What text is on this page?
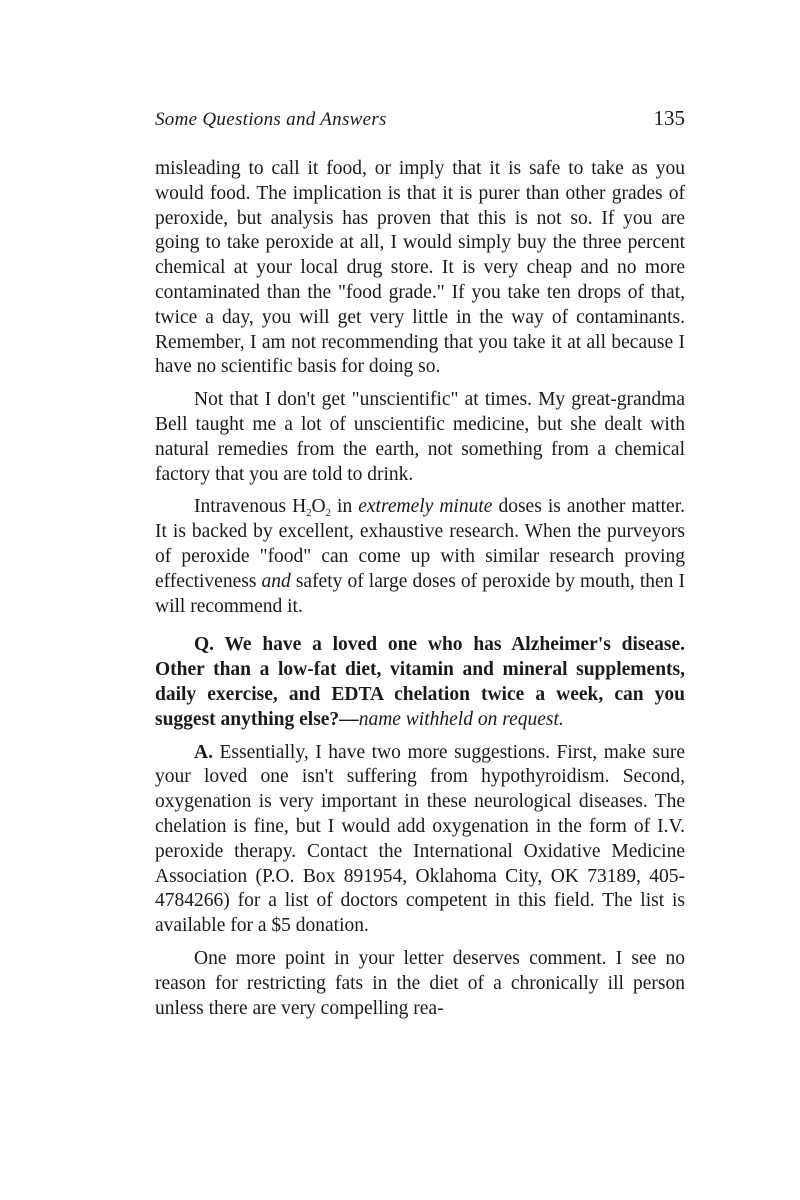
Some Questions and Answers	135

misleading to call it food, or imply that it is safe to take as you would food. The implication is that it is purer than other grades of peroxide, but analysis has proven that this is not so. If you are going to take peroxide at all, I would simply buy the three percent chemical at your local drug store. It is very cheap and no more contaminated than the "food grade." If you take ten drops of that, twice a day, you will get very little in the way of contaminants. Remember, I am not recommending that you take it at all because I have no scientific basis for doing so.

Not that I don't get "unscientific" at times. My great-grandma Bell taught me a lot of unscientific medicine, but she dealt with natural remedies from the earth, not something from a chemical factory that you are told to drink.

Intravenous $H_2O_2$ in extremely minute doses is another matter. It is backed by excellent, exhaustive research. When the purveyors of peroxide "food" can come up with similar research proving effectiveness and safety of large doses of peroxide by mouth, then I will recommend it.

Q. We have a loved one who has Alzheimer's disease. Other than a low-fat diet, vitamin and mineral supplements, daily exercise, and EDTA chelation twice a week, can you suggest anything else?—name withheld on request.

A. Essentially, I have two more suggestions. First, make sure your loved one isn't suffering from hypothyroidism. Second, oxygenation is very important in these neurological diseases. The chelation is fine, but I would add oxygenation in the form of I.V. peroxide therapy. Contact the International Oxidative Medicine Association (P.O. Box 891954, Oklahoma City, OK 73189, 405-4784266) for a list of doctors competent in this field. The list is available for a $5 donation.

One more point in your letter deserves comment. I see no reason for restricting fats in the diet of a chronically ill person unless there are very compelling rea-
